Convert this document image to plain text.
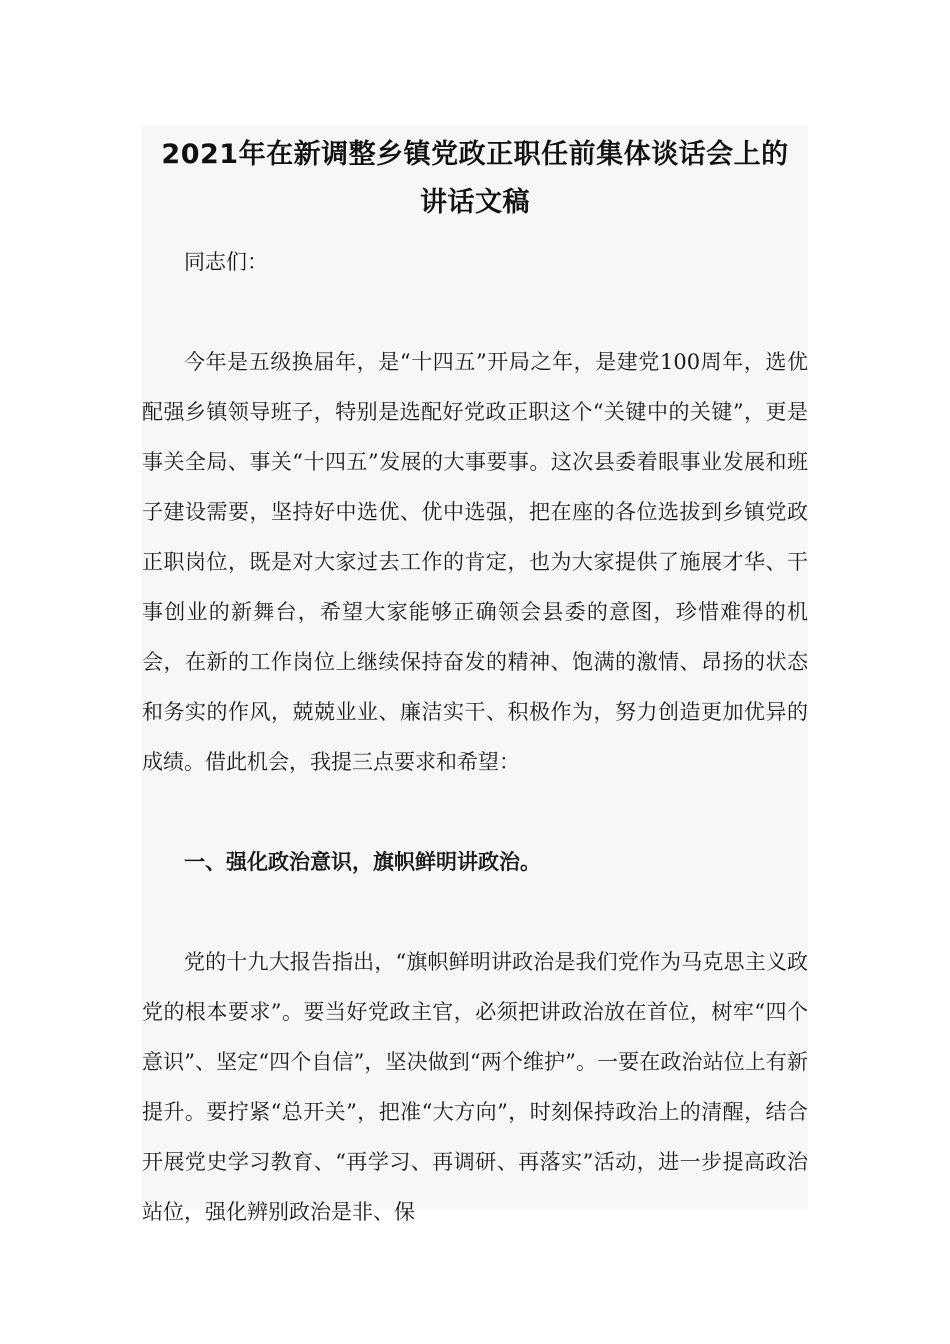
2021年在新调整乡镇党政正职任前集体谈话会上的
讲话文稿

同志们：

今年是五级换届年，是“十四五”开局之年，是建党100周年，选优配强乡镇领导班子，特别是选配好党政正职这个“关键中的关键”，更是事关全局、事关“十四五”发展的大事要事。这次县委着眼事业发展和班子建设需要，坚持好中选优、优中选强，把在座的各位选拔到乡镇党政正职岗位，既是对大家过去工作的肯定，也为大家提供了施展才华、干事创业的新舞台，希望大家能够正确领会县委的意图，珍惜难得的机会，在新的工作岗位上继续保持奋发的精神、饱满的激情、昂扬的状态和务实的作风，兢兢业业、廉洁实干、积极作为，努力创造更加优异的成绩。借此机会，我提三点要求和希望：

一、强化政治意识，旗帜鲜明讲政治。

党的十九大报告指出，“旗帜鲜明讲政治是我们党作为马克思主义政党的根本要求”。要当好党政主官，必须把讲政治放在首位，树牢“四个意识”、坚定“四个自信”，坚决做到“两个维护”。一要在政治站位上有新提升。要拧紧“总开关”，把准“大方向”，时刻保持政治上的清醒，结合开展党史学习教育、“再学习、再调研、再落实”活动，进一步提高政治站位，强化辨别政治是非、保
